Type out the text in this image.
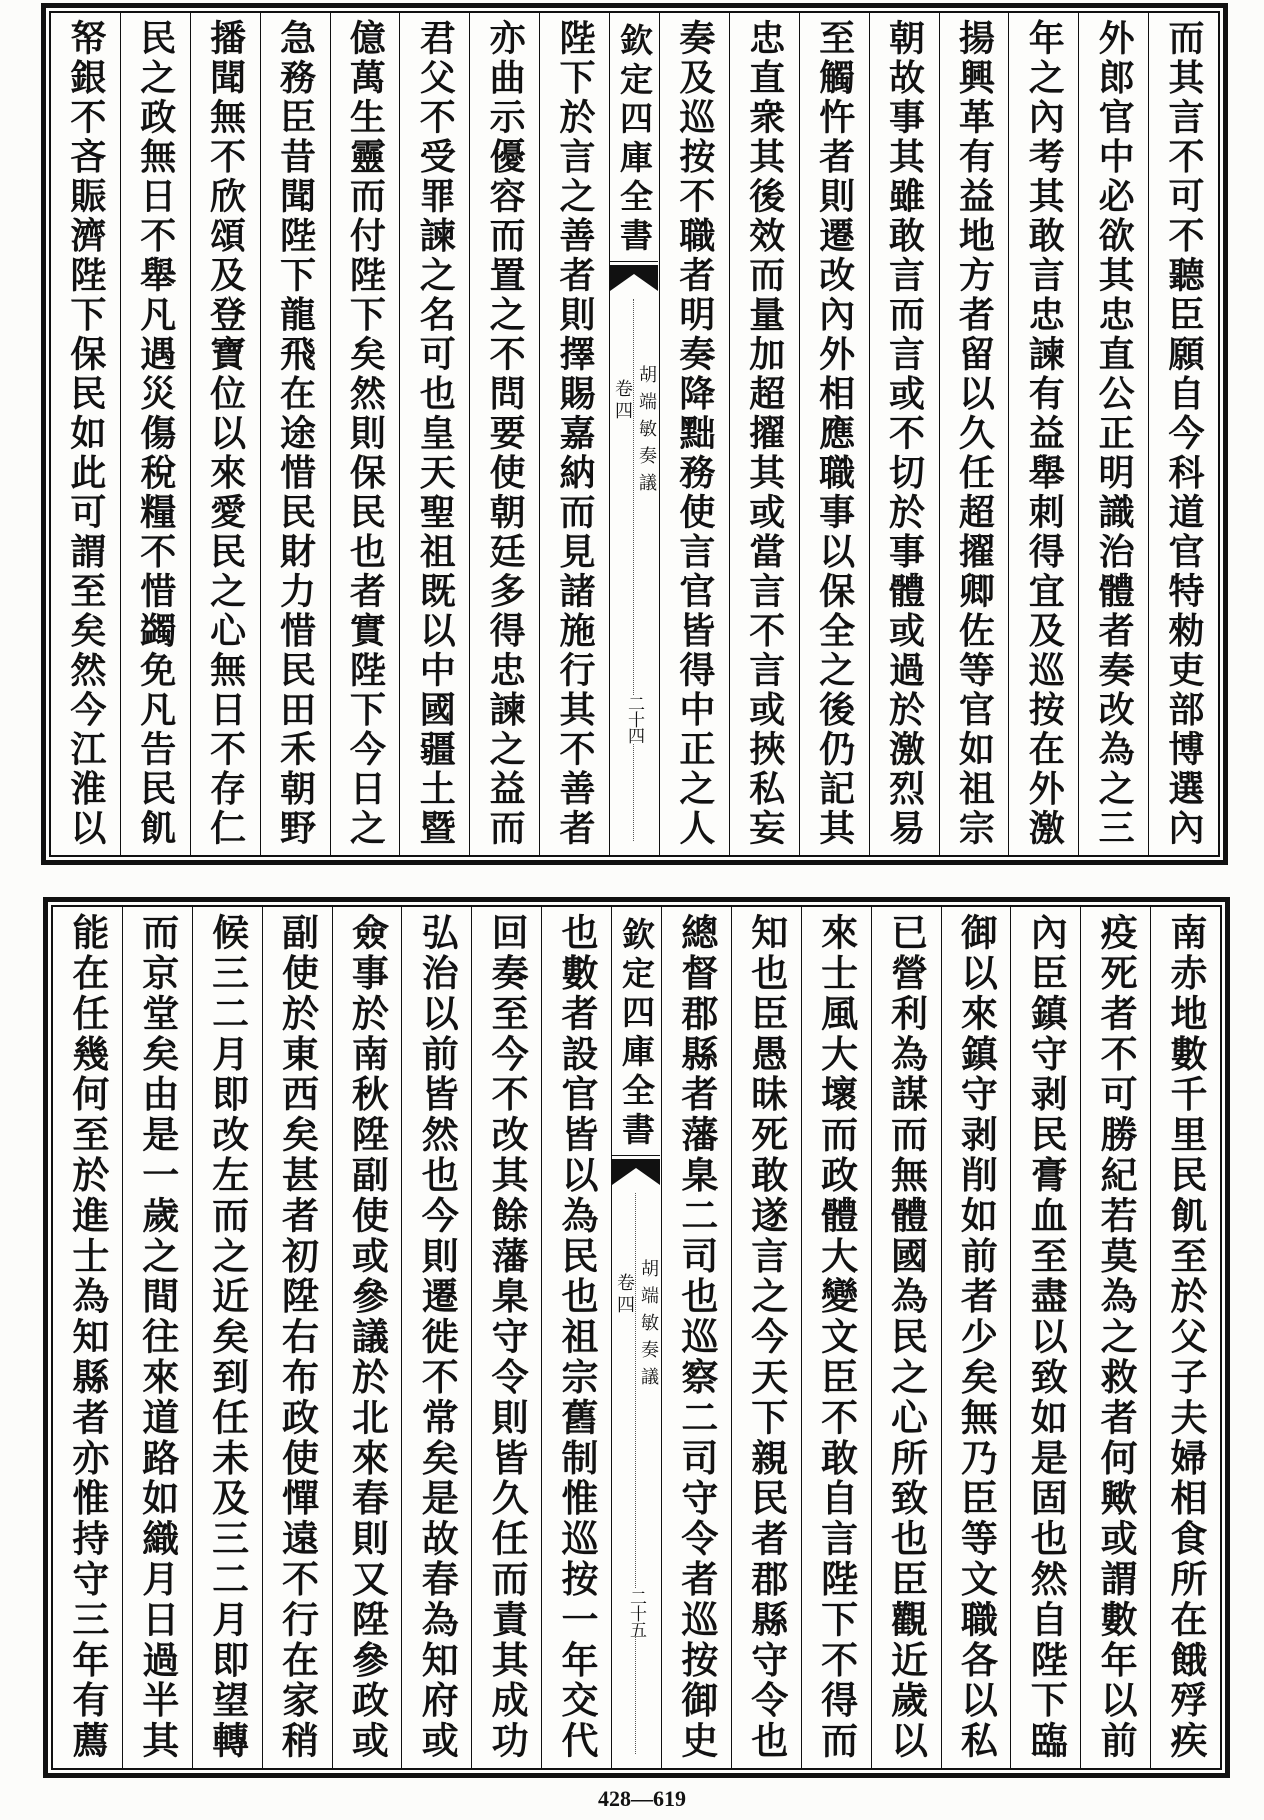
而其言不可不聽臣願自今科道官特勑吏部博選內
外郎官中必欲其忠直公正明識治體者奏改為之三
年之內考其敢言忠諫有益舉刺得宜及巡按在外激
揚興革有益地方者留以久任超擢卿佐等官如祖宗
朝故事其雖敢言而言或不切於事體或過於激烈易
至觸忤者則遷改內外相應職事以保全之後仍記其
忠直衆其後效而量加超擢其或當言不言或挾私妄
奏及巡按不職者明奏降黜務使言官皆得中正之人
欽定四庫全書
胡端敏奏議
卷四
二十四
陛下於言之善者則擇賜嘉納而見諸施行其不善者
亦曲示優容而置之不問要使朝廷多得忠諫之益而
君父不受罪諫之名可也皇天聖祖既以中國疆土暨
億萬生靈而付陛下矣然則保民也者實陛下今日之
急務臣昔聞陛下龍飛在途惜民財力惜民田禾朝野
播聞無不欣頌及登寶位以來愛民之心無日不存仁
民之政無日不舉凡遇災傷稅糧不惜蠲免凡告民飢
帑銀不吝賑濟陛下保民如此可謂至矣然今江淮以
南赤地數千里民飢至於父子夫婦相食所在餓殍疾
疫死者不可勝紀若莫為之救者何歟或謂數年以前
內臣鎮守剥民膏血至盡以致如是固也然自陛下臨
御以來鎮守剥削如前者少矣無乃臣等文職各以私
已營利為謀而無體國為民之心所致也臣觀近歲以
來士風大壞而政體大變文臣不敢自言陛下不得而
知也臣愚昧死敢遂言之今天下親民者郡縣守令也
總督郡縣者藩臬二司也巡察二司守令者巡按御史
欽定四庫全書
胡端敏奏議
卷四
二十五
也數者設官皆以為民也祖宗舊制惟巡按一年交代
回奏至今不改其餘藩臬守令則皆久任而責其成功
弘治以前皆然也今則遷徙不常矣是故春為知府或
僉事於南秋陞副使或參議於北來春則又陞參政或
副使於東西矣甚者初陞右布政使憚遠不行在家稍
候三二月即改左而之近矣到任未及三二月即望轉
而京堂矣由是一歲之間往來道路如織月日過半其
能在任幾何至於進士為知縣者亦惟持守三年有薦
428—619
